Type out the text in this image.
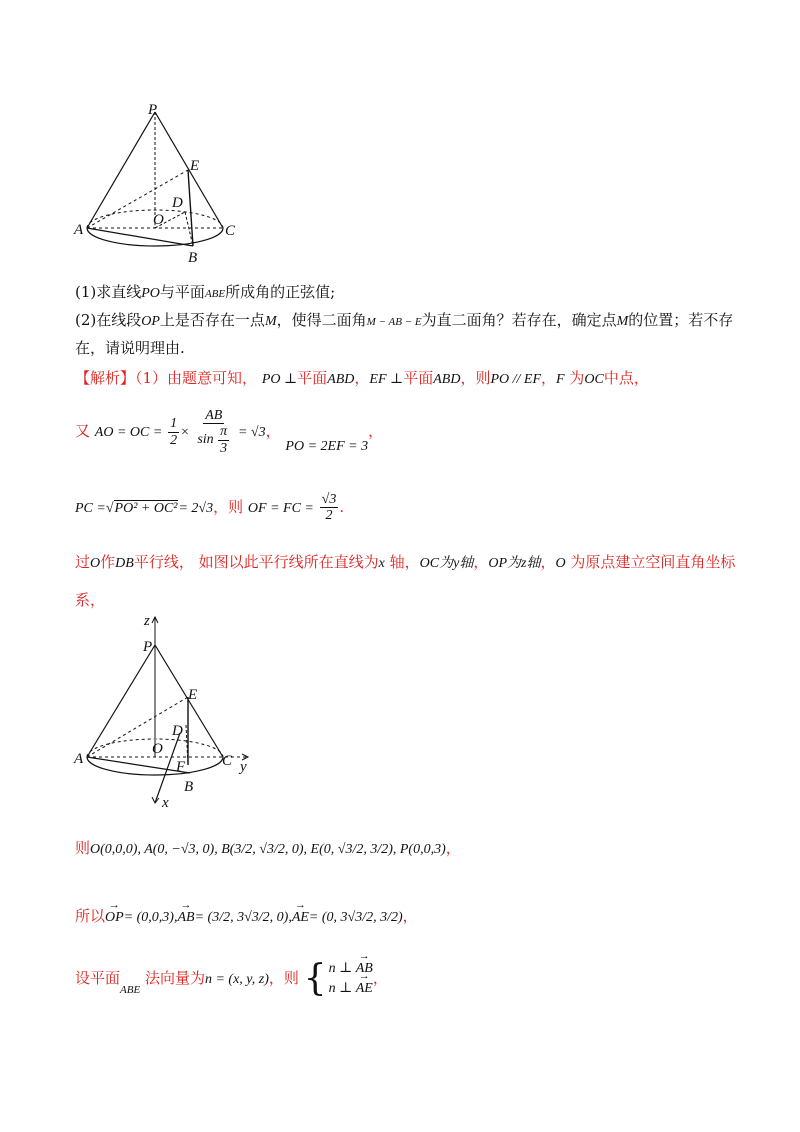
P
E
D
O
A	C
B
(1)求直线PO与平面ABE所成角的正弦值;
(2)在线段OP上是否存在一点M，使得二面角M − AB − E为直二面角？若存在，确定点M的位置；若不存
在，请说明理由.
【解析】（1）由题意可知， PO ⊥平面ABD，EF ⊥平面ABD，则PO // EF，F 为OC中点，
又 AO = OC = $\frac{1}{2} \times \frac{AB}{\sin \frac{\pi}{3}} = √3$， PO = 2EF = 3，
PC =√PO² + OC²= 2√3，则 OF = FC = $\frac{√3}{2}$ .
过O作DB平行线， 如图以此平行线所在直线为x 轴，OC为y轴，OP为z轴，O 为原点建立空间直角坐标
系，
z
P
E
D
O
A	F C y
B
x
则O(0,0,0), A(0, −√3, 0), B(3/2, √3/2, 0), E(0, √3/2, 3/2), P(0,0,3)，
所以→ OP= (0,0,3),→ AB= (3/2, 3√3/2, 0),→ AE= (0, 3√3/2, 3/2)，
设平面$_{ABE}$ 法向量为n = (x, y, z)，则 { n ⊥ → AB
n ⊥ → AE
，
